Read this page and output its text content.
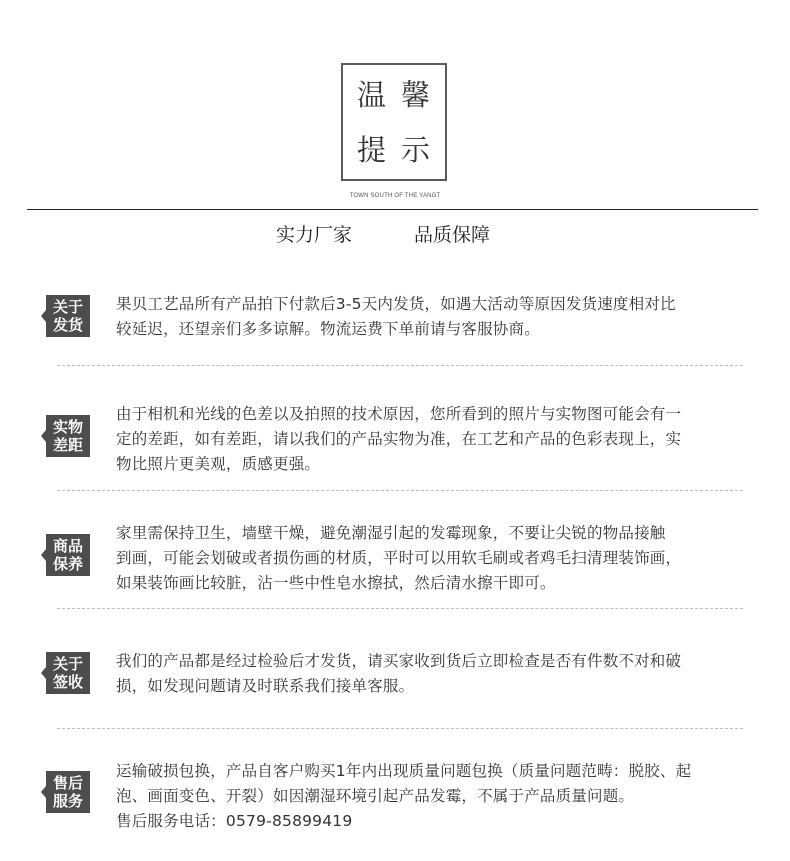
温 馨
提 示
TOWN SOUTH OF THE YANGT
实力厂家	品质保障
关于
发货

果贝工艺品所有产品拍下付款后3-5天内发货，如遇大活动等原因发货速度相对比

较延迟，还望亲们多多谅解。物流运费下单前请与客服协商。

实物
差距

由于相机和光线的色差以及拍照的技术原因，您所看到的照片与实物图可能会有一

定的差距，如有差距，请以我们的产品实物为准，在工艺和产品的色彩表现上，实

物比照片更美观，质感更强。

商品
保养

家里需保持卫生，墙壁干燥，避免潮湿引起的发霉现象，不要让尖锐的物品接触

到画，可能会划破或者损伤画的材质，平时可以用软毛刷或者鸡毛扫清理装饰画，

如果装饰画比较脏，沾一些中性皂水擦拭，然后清水擦干即可。

关于
签收

我们的产品都是经过检验后才发货，请买家收到货后立即检查是否有件数不对和破

损，如发现问题请及时联系我们接单客服。

售后
服务

运输破损包换，产品自客户购买1年内出现质量问题包换（质量问题范畴：脱胶、起

泡、画面变色、开裂）如因潮湿环境引起产品发霉，不属于产品质量问题。

售后服务电话：0579-85899419
